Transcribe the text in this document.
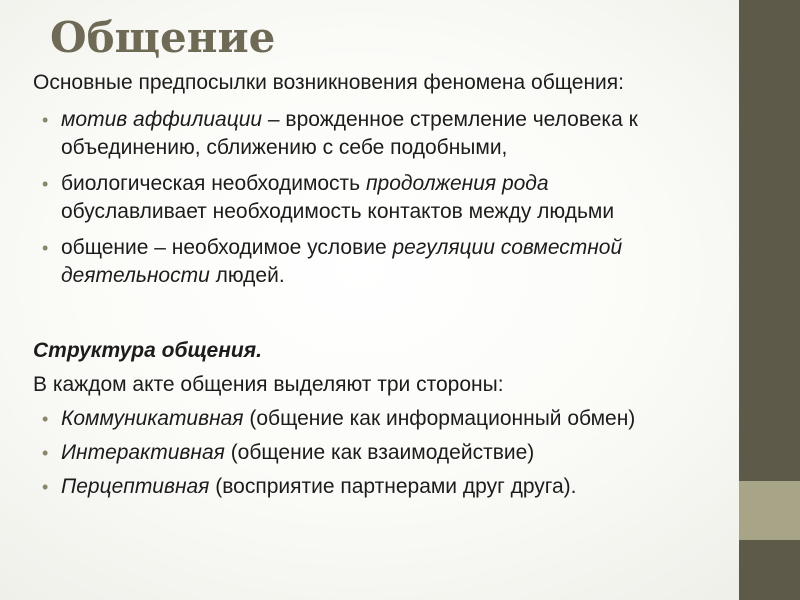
Общение

Основные предпосылки возникновения феномена общения:

• мотив аффилиации – врожденное стремление человека к

объединению, сближению с себе подобными,

• биологическая необходимость продолжения рода

обуславливает необходимость контактов между людьми

• общение – необходимое условие регуляции совместной

деятельности людей.

Структура общения.

В каждом акте общения выделяют три стороны:

• Коммуникативная (общение как информационный обмен)

• Интерактивная (общение как взаимодействие)

• Перцептивная (восприятие партнерами друг друга).
